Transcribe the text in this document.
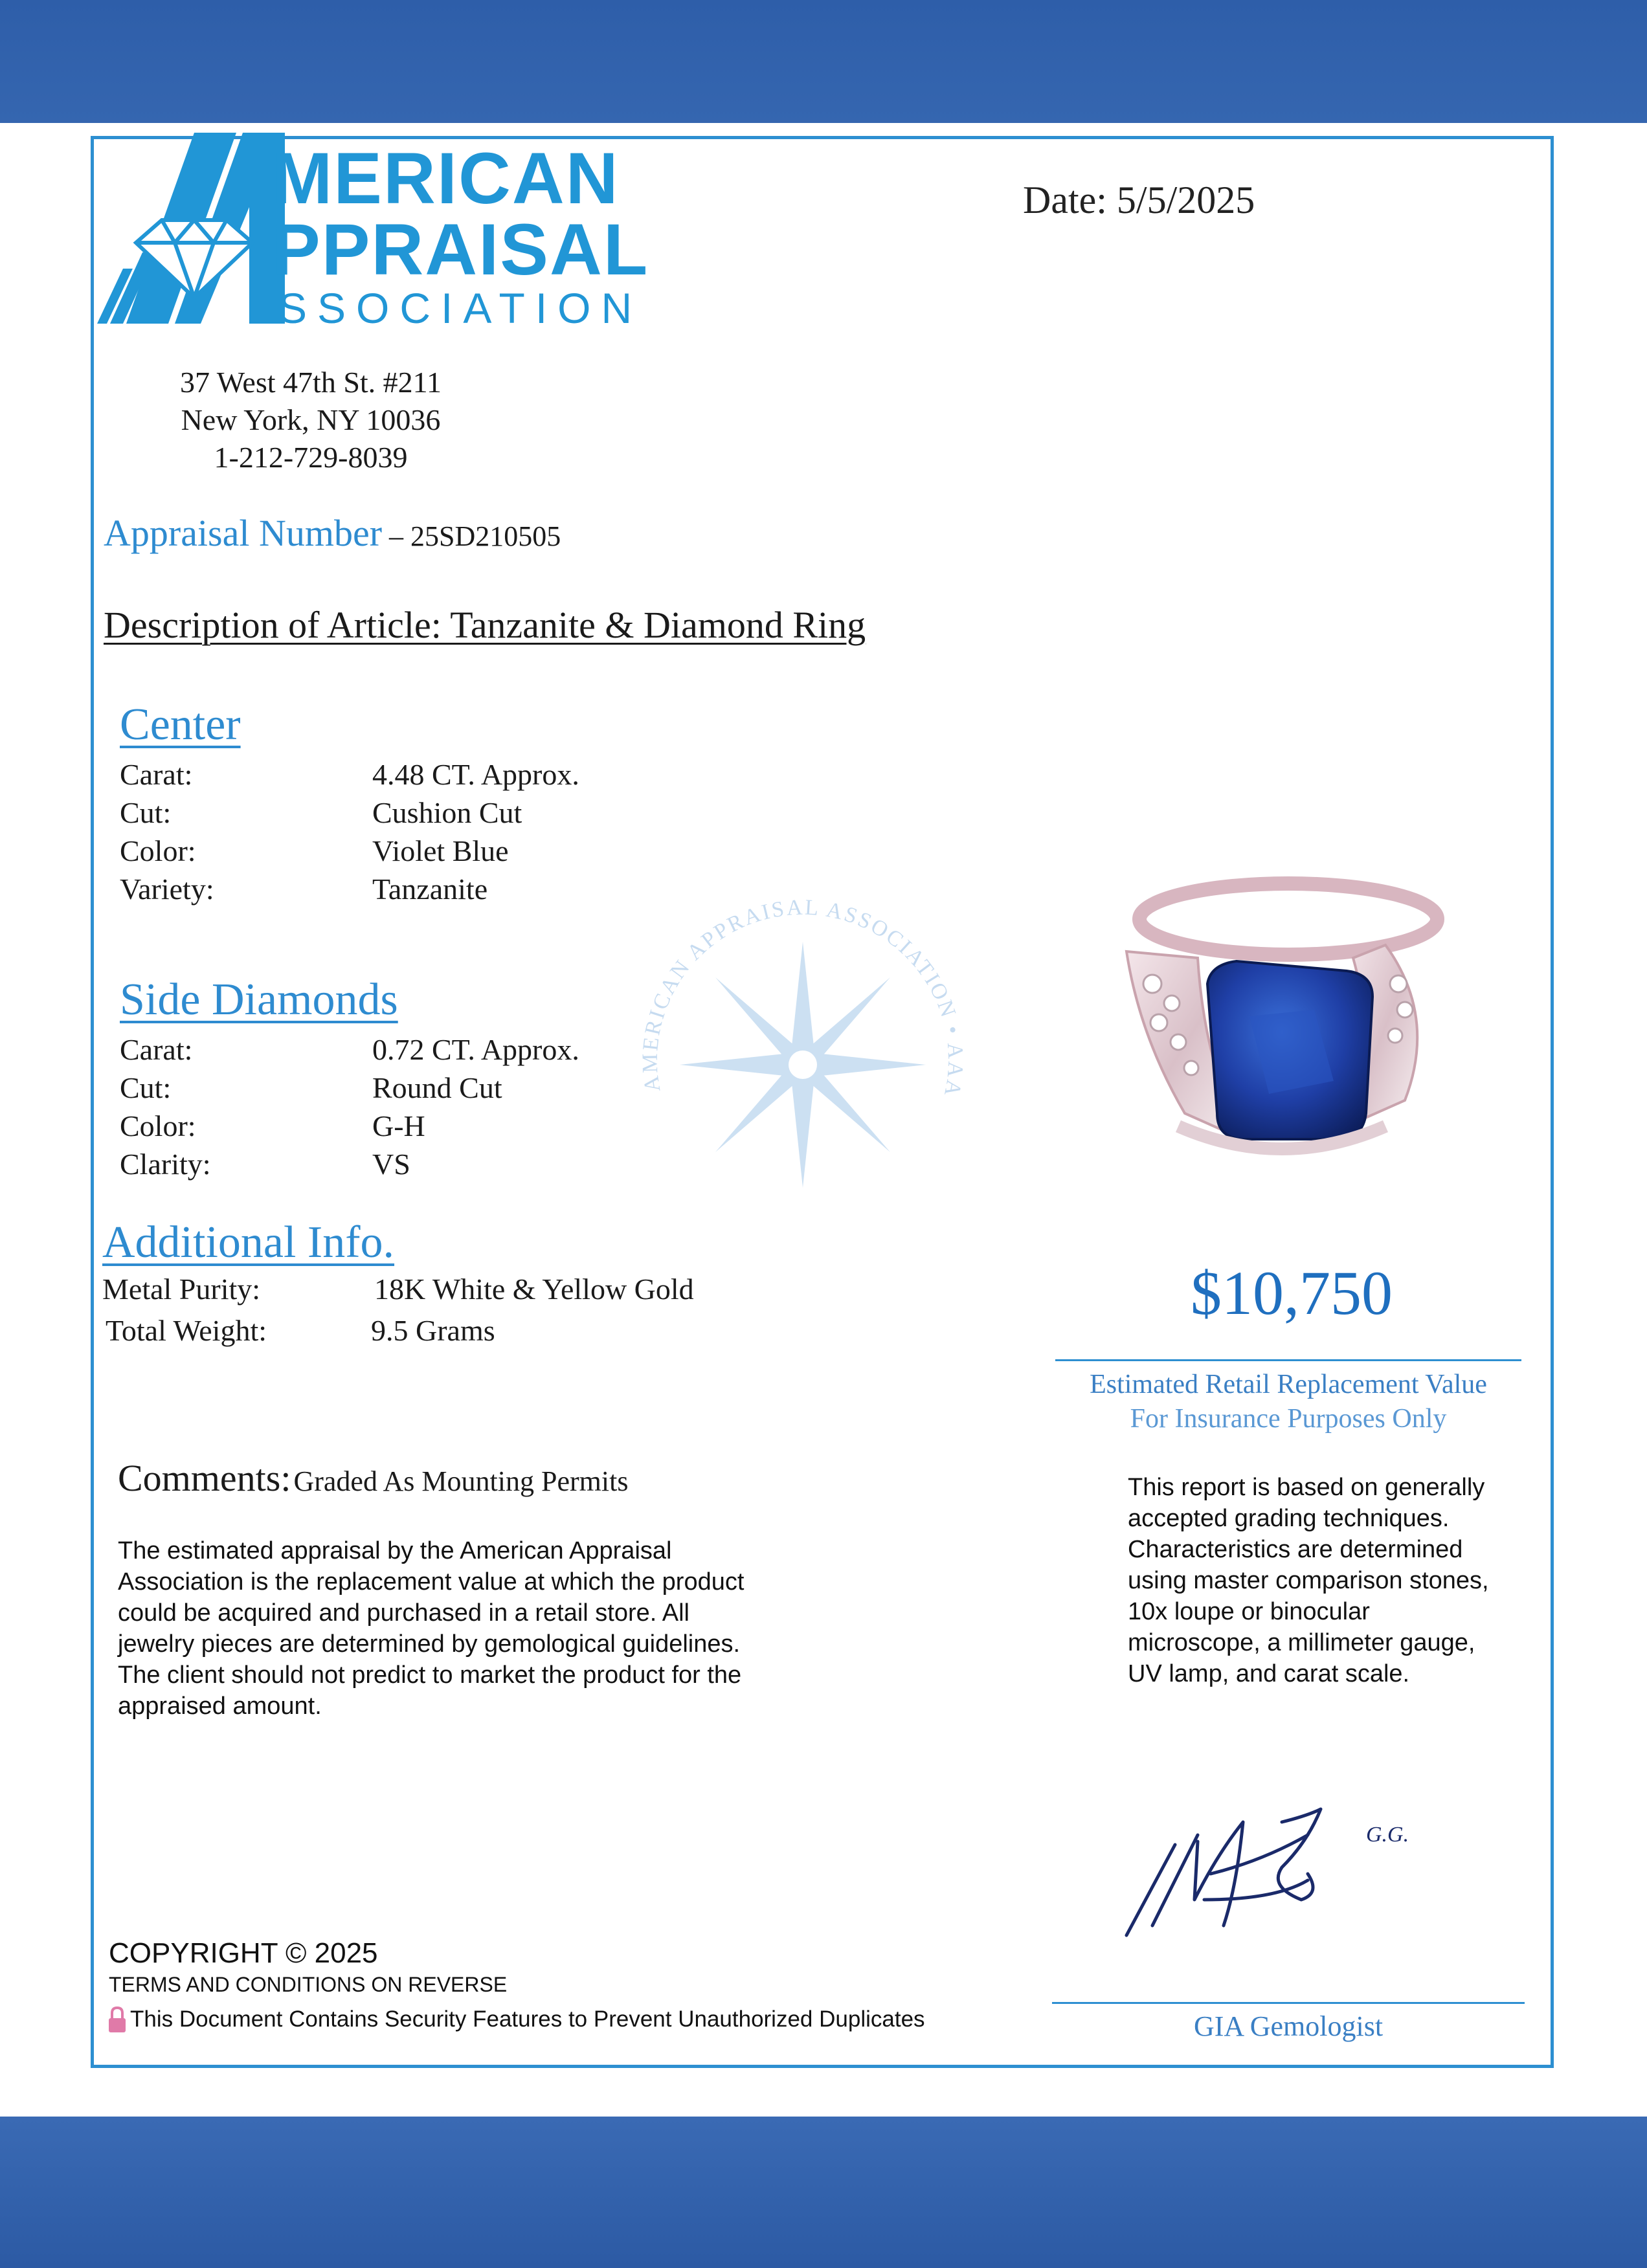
MERICAN
PPRAISAL
SSOCIATION
Date: 5/5/2025
37 West 47th St. #211
New York, NY 10036
1-212-729-8039
Appraisal Number – 25SD210505
Description of Article: Tanzanite & Diamond Ring
Center
Carat:	4.48 CT. Approx.
Cut:	Cushion Cut
Color:	Violet Blue
Variety:	Tanzanite
Side Diamonds
Carat:	0.72 CT. Approx.
Cut:	Round Cut
Color:	G-H
Clarity:	VS
Additional Info.
Metal Purity:	18K White & Yellow Gold
Total Weight:	9.5 Grams
AMERICAN APPRAISAL ASSOCIATION • AAA
$10,750
Estimated Retail Replacement Value
For Insurance Purposes Only
Comments: Graded As Mounting Permits
The estimated appraisal by the American Appraisal Association is the replacement value at which the product could be acquired and purchased in a retail store. All jewelry pieces are determined by gemological guidelines. The client should not predict to market the product for the appraised amount.
This report is based on generally accepted grading techniques. Characteristics are determined using master comparison stones, 10x loupe or binocular microscope, a millimeter gauge, UV lamp, and carat scale.
G.G.
GIA Gemologist
COPYRIGHT © 2025
TERMS AND CONDITIONS ON REVERSE
This Document Contains Security Features to Prevent Unauthorized Duplicates
